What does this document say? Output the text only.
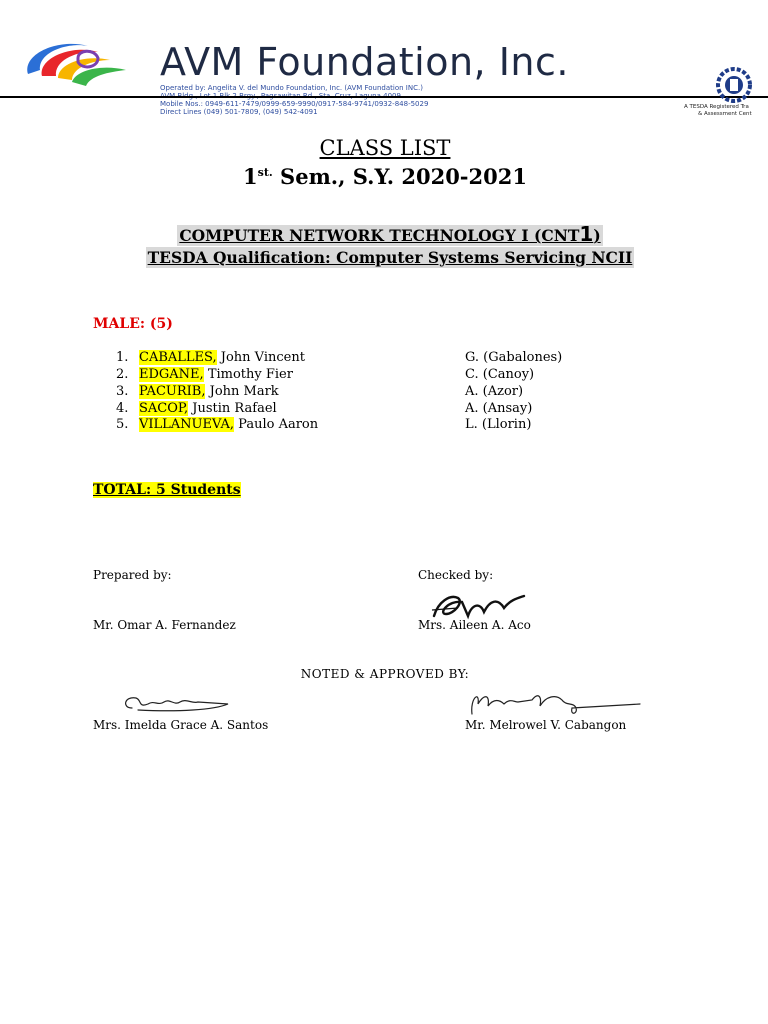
AVM Foundation, Inc.
Operated by: Angelita V. del Mundo Foundation, Inc. (AVM Foundation INC.)
Mobile Nos.: 0949-611-7479/0999-659-9990/0917-584-9741/0932-848-5029
Direct Lines (049) 501-7809, (049) 542-4091
A TESDA Registered Tra
& Assessment Cent
CLASS LIST
$1^{st.}$ Sem., S.Y. 2020-2021
COMPUTER NETWORK TECHNOLOGY I (CNT1)
TESDA Qualification: Computer Systems Servicing NCII
MALE: (5)
1. CABALLES, John Vincent	G. (Gabalones)
2. EDGANE, Timothy Fier	C. (Canoy)
3. PACURIB, John Mark	A. (Azor)
4. SACOP, Justin Rafael	A. (Ansay)
5. VILLANUEVA, Paulo Aaron	L. (Llorin)
TOTAL: 5 Students
Prepared by:	Checked by:
Mr. Omar A. Fernandez	Mrs. Aileen A. Aco
NOTED & APPROVED BY:
Mrs. Imelda Grace A. Santos	Mr. Melrowel V. Cabangon
